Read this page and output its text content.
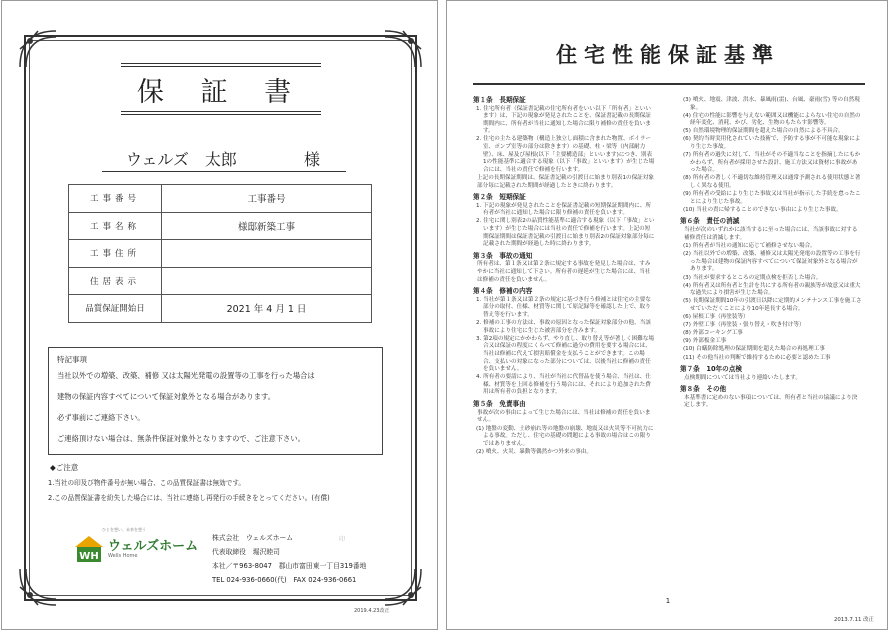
保 証 書
ウェルズ　太郎	様
工事番号	工事番号
工事名称	様邸新築工事
工事住所	
住居表示	
品質保証開始日	2021 年 4 月 1 日
特記事項
当社以外での増築、改築、補修 又は太陽光発電の設置等の工事を行った場合は
建物の保証内容すべてについて保証対象外となる場合があります。
必ず事前にご連絡下さい。
ご連絡頂けない場合は、無条件保証対象外となりますので、ご注意下さい。
◆ご注意
1.当社の印及び物件番号が無い場合、この品質保証書は無効です。
2.この品質保証書を紛失した場合には、当社に連絡し再発行の手続きをとってください。(有償)
ひとを想い、未来を想う
WH
ウェルズホーム
Wells Home
株式会社　ウェルズホーム
代表取締役　堀沢睦司
本社／〒963-8047　郡山市富田東一丁目319番地
TEL 024-936-0660(代)　FAX 024-936-0661
印
2019.4.23改正
住宅性能保証基準
第１条　長期保証
1. 住宅所有者（保証書記載の住宅所有者をいい以下「所有者」といいます）は、下記の現象が発見されたことを、保証書記載の長期保証期間内に、所有者が当社に通知した場合に限り補修の責任を負います。
2. 住宅の主たる建築物（構造上独立し面積に含まれた物置、ボイラー室、ポンプ室等の部分は除きます）の基礎、柱・梁等（内部耐力壁）、床、屋及び屋根(以下「主要構造部」といいます)につき、別表1の性能基準に適合する現象（以下「事故」といいます）が生じた場合には、当社の責任で修補を行います。
上記の長期保証期間は、保証書記載の引渡日に始まり別表1の保証対象部分毎に記載された期間が経過したときに終わります。
第２条　短期保証
1. 下記の現象が発見されたことを保証書記載の短期保証期間内に、所有者が当社に通知した場合に限り修補の責任を負います。
2. 住宅に関し別表2の品質性能基準に適合する現象（以下「事故」といいます）が生じた場合には当社の責任で修補を行います。上記の短期保証期間は保証書記載の引渡日に始まり別表2の保証対象部分毎に記載された期間が経過した時に終わります。
第３条　事故の通知
所有者は、第１条又は第２条に規定する事故を発見した場合は、すみやかに当社に通知して下さい。所有者の遅延が生じた場合には、当社は修補の責任を負いません。
第４条　修補の内容
1. 当社が第１条又は第２条の規定に基づき行う修補とは住宅の主要な部分の取付、仕様、材質等に関して原記録等を確認した上で、取り替え等を行います。
2. 修補の工事の方法は、事故の原因となった保証対象部分の他、当該事故により住宅に生じた被害部分を含みます。
3. 第2項の規定にかかわらず、やり直し、取り替え等が著しく困難な場合又は保証の程度にくらべて修補に過分の費用を要する場合には、当社は修補に代えて損害賠償金を支払うことができます。この場合、支払いの対象になった部分については、以後当社に修補の責任を負いません。
4. 所有者の要請により、当社が当社に代替品を使う場合、当社は、仕様、材質等を上回る修補を行う場合には、それにより追加された費用は所有者の負担となります。
第５条　免責事由
事故が次の事由によって生じた場合には、当社は修補の責任を負いません。
(1) 地盤の変動、土砂崩れ等の地盤の崩壊、地震又は火災等不可抗力による事故。ただし、住宅の基礎の問題による事故の場合はこの限りではありません。
(2) 噴火、火災、暴動等偶然かつ外来の事由。
(3) 噴火、地震、津波、洪水、暴風雨(雷)、台風、豪雨(雪) 等の自然現象。
(4) 住宅の性能に影響を与えない範囲又は機能によらない住宅の自然の経年変化、消耗、かび、劣化、生物のもたらす影響等。
(5) 自然環境物理的保証期間を超えた場合の自然による不具合。
(6) 契約当時実用化されていた技術で、予防する事が不可能な現象により生じた事故。
(7) 所有者の過失に対して、当社がその不適当なことを指摘したにもかかわらず、所有者が採用させた設計、施工方法又は資材に事故があった場合。
(8) 所有者の著しく不適切な維持管理又は通常予測される使用状態と著しく異なる使用。
(9) 所有者の受給により生じた事故又は当社が指示した手続を怠ったことにより生じた事故。
(10) 当社の責に帰することのできない事由により生じた事故。
第６条　責任の消滅
当社が次のいずれかに該当するに至った場合には、当該事故に対する補修責任は消滅します。
(1) 所有者が当社の通知に応じて補修させない場合。
(2) 当社以外での増築、改築、補修又は太陽光発電の設置等の工事を行った場合は建物の保証内容すべてについて保証対象外となる場合があります。
(3) 当社が要求するところの定期点検を拒否した場合。
(4) 所有者又は所有者と生計を共にする所有者の親族等が故意又は重大な過失により損害が生じた場合。
(5) 長期保証期間10年の引渡日以降に定期的メンテナンス工事を施工させていただくことにより10年延長する場合。
(6) 屋根工事（再塗装等）
(7) 外壁工事（再塗装・張り替え・吹き付け等）
(8) 外部コーキング工事
(9) 外部板金工事
(10) 白蟻防除処理の保証期間を超えた場合の再処理工事
(11) その他当社の判断で維持するために必要と認めた工事
第７条　10年の点検
点検期間については当社より連絡いたします。
第８条　その他
本基準書に定めのない事項については、所有者と当社の協議により決定します。
1
2013.7.11 改正
